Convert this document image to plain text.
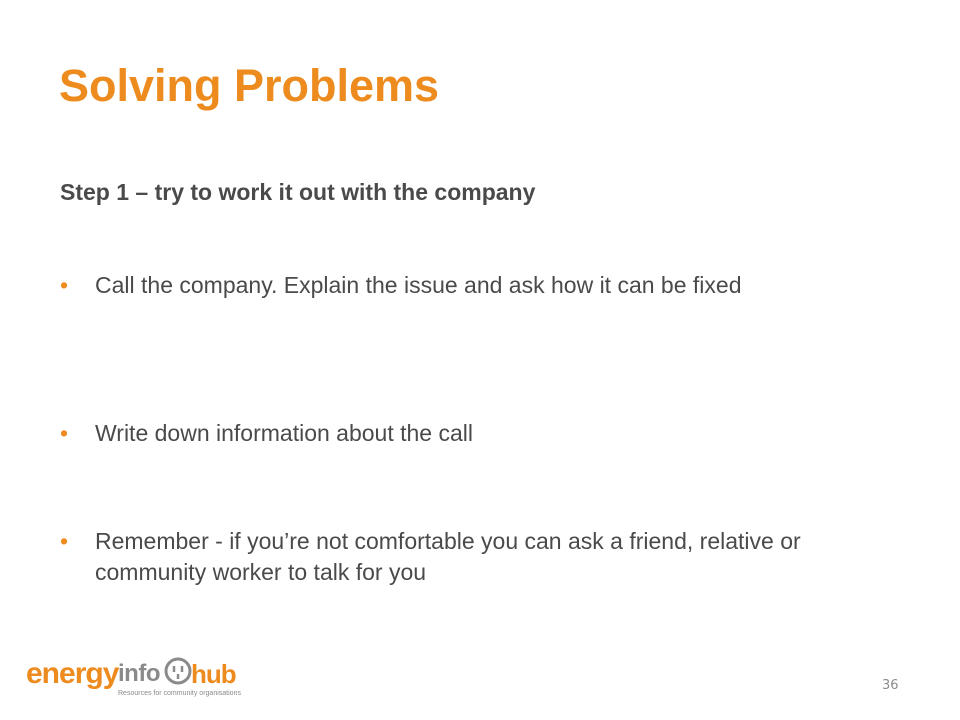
Solving Problems
Step 1 – try to work it out with the company
• Call the company. Explain the issue and ask how it can be fixed
• Write down information about the call
• Remember - if you’re not comfortable you can ask a friend, relative or community worker to talk for you
energy info hub
Resources for community organisations
36
